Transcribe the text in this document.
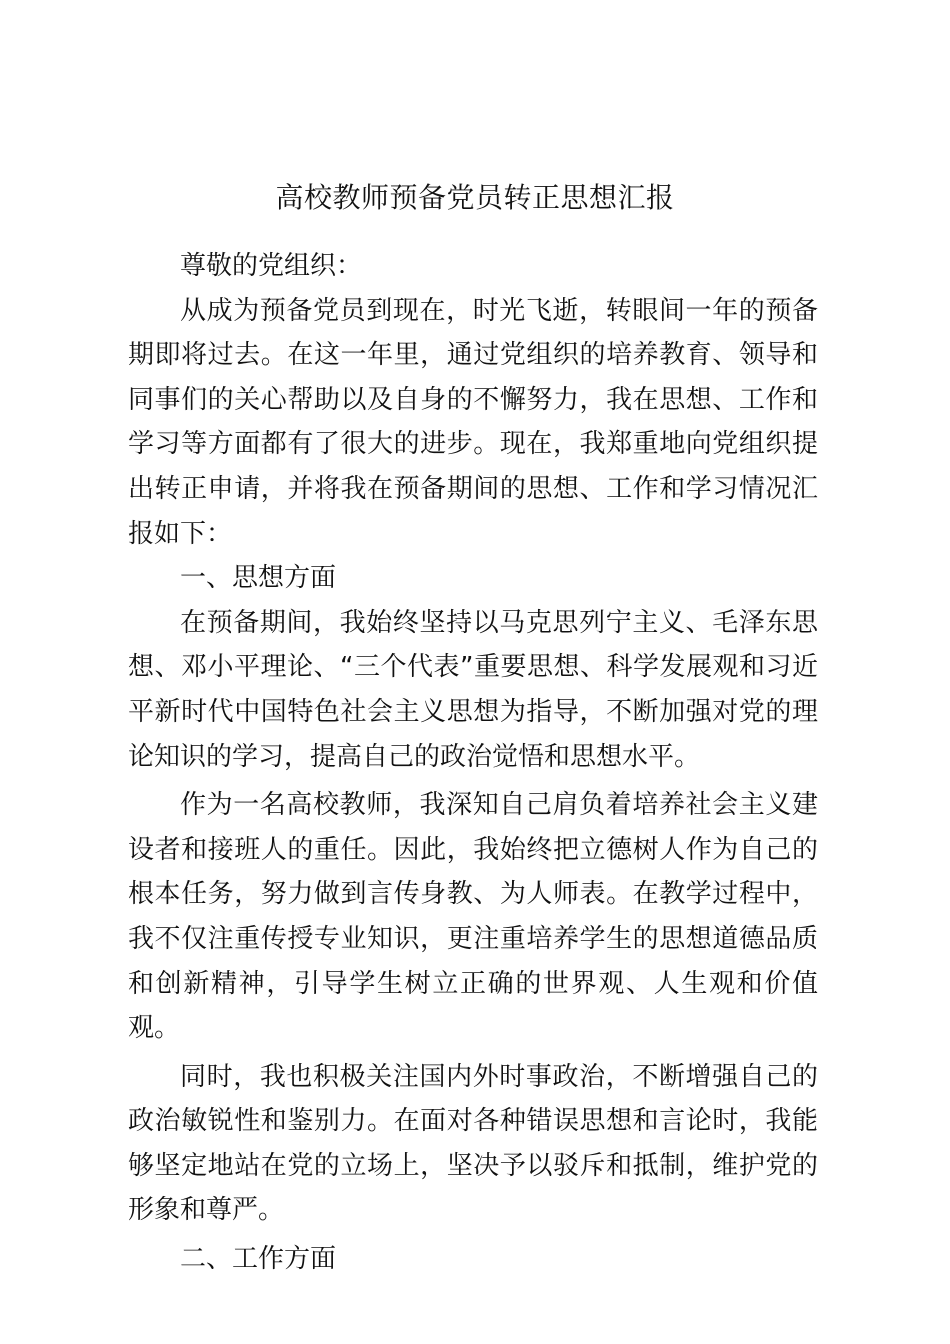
高校教师预备党员转正思想汇报

尊敬的党组织：

从成为预备党员到现在，时光飞逝，转眼间一年的预备期即将过去。在这一年里，通过党组织的培养教育、领导和同事们的关心帮助以及自身的不懈努力，我在思想、工作和学习等方面都有了很大的进步。现在，我郑重地向党组织提出转正申请，并将我在预备期间的思想、工作和学习情况汇报如下：

一、思想方面

在预备期间，我始终坚持以马克思列宁主义、毛泽东思想、邓小平理论、“三个代表”重要思想、科学发展观和习近平新时代中国特色社会主义思想为指导，不断加强对党的理论知识的学习，提高自己的政治觉悟和思想水平。

作为一名高校教师，我深知自己肩负着培养社会主义建设者和接班人的重任。因此，我始终把立德树人作为自己的根本任务，努力做到言传身教、为人师表。在教学过程中，我不仅注重传授专业知识，更注重培养学生的思想道德品质和创新精神，引导学生树立正确的世界观、人生观和价值观。

同时，我也积极关注国内外时事政治，不断增强自己的政治敏锐性和鉴别力。在面对各种错误思想和言论时，我能够坚定地站在党的立场上，坚决予以驳斥和抵制，维护党的形象和尊严。

二、工作方面
